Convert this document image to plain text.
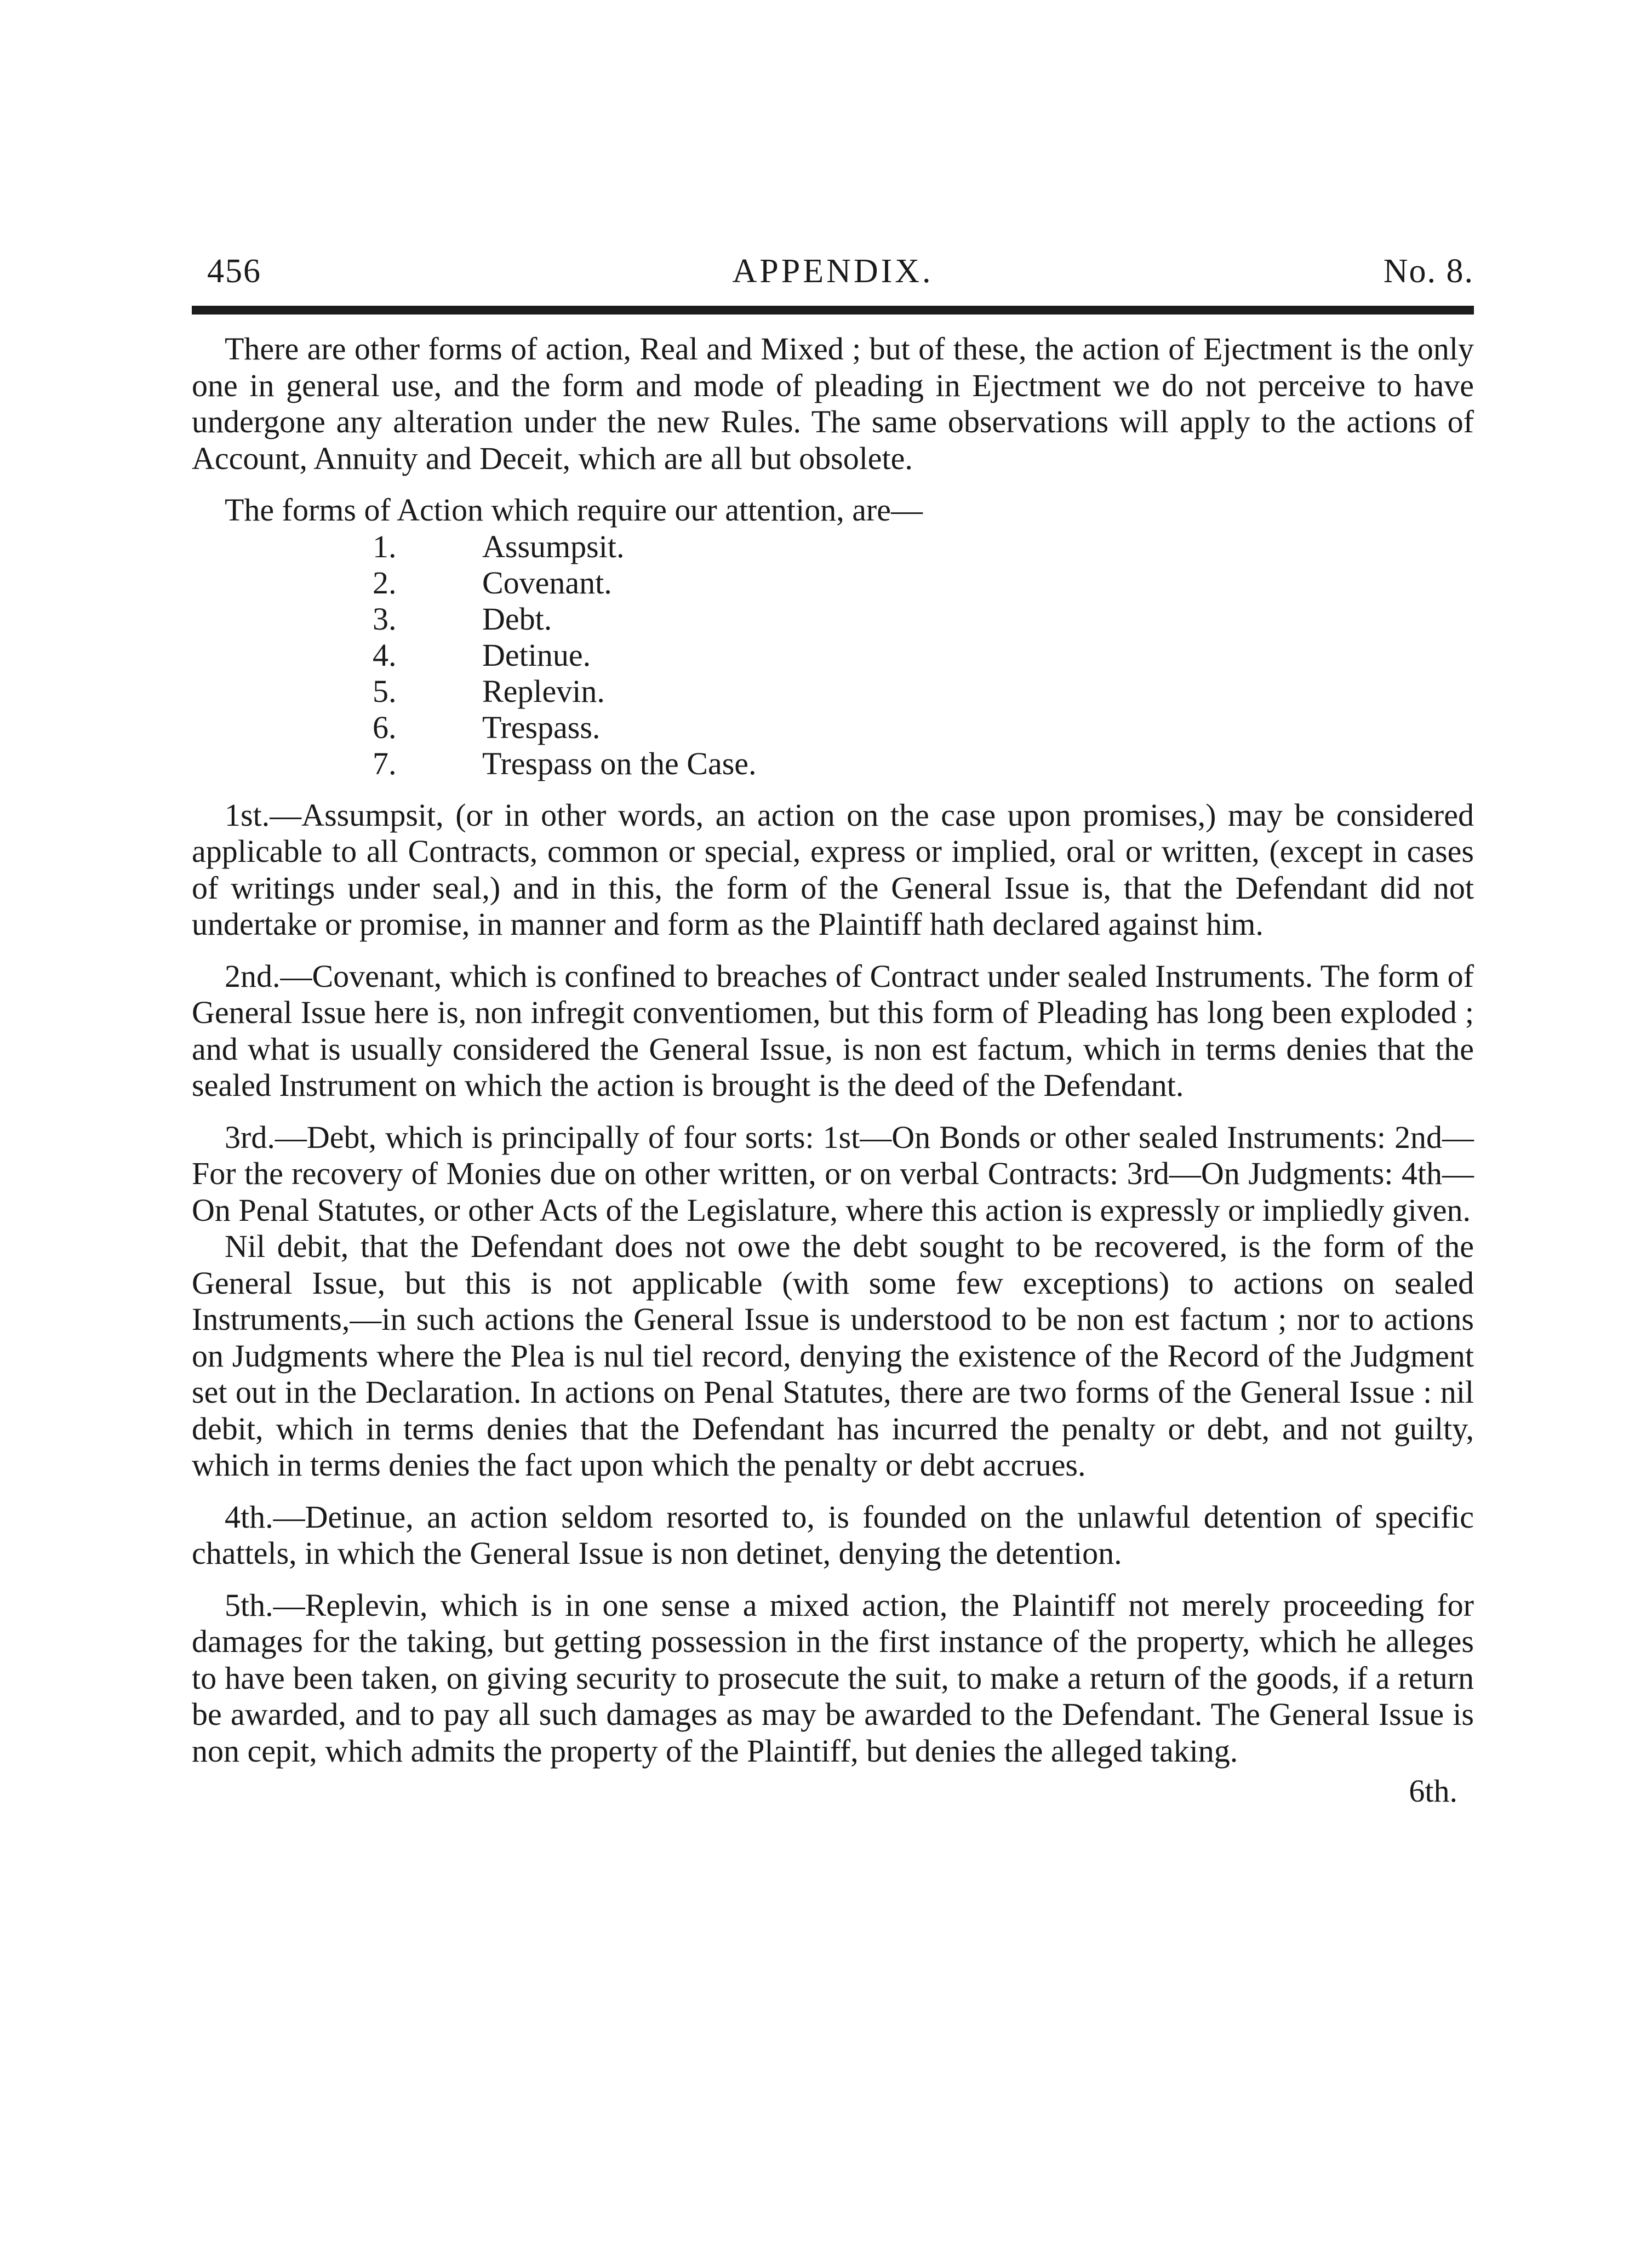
456	APPENDIX.	No. 8.

There are other forms of action, Real and Mixed ; but of these, the action of Ejectment is the only one in general use, and the form and mode of pleading in Ejectment we do not perceive to have undergone any alteration under the new Rules. The same observations will apply to the actions of Account, Annuity and Deceit, which are all but obsolete.

The forms of Action which require our attention, are—

1.	Assumpsit.
2.	Covenant.
3.	Debt.
4.	Detinue.
5.	Replevin.
6.	Trespass.
7.	Trespass on the Case.

1st.—Assumpsit, (or in other words, an action on the case upon promises,) may be considered applicable to all Contracts, common or special, express or implied, oral or written, (except in cases of writings under seal,) and in this, the form of the General Issue is, that the Defendant did not undertake or promise, in manner and form as the Plaintiff hath declared against him.

2nd.—Covenant, which is confined to breaches of Contract under sealed Instruments. The form of General Issue here is, non infregit conventiomen, but this form of Pleading has long been exploded ; and what is usually considered the General Issue, is non est factum, which in terms denies that the sealed Instrument on which the action is brought is the deed of the Defendant.

3rd.—Debt, which is principally of four sorts: 1st—On Bonds or other sealed Instruments: 2nd—For the recovery of Monies due on other written, or on verbal Contracts: 3rd—On Judgments: 4th—On Penal Statutes, or other Acts of the Legislature, where this action is expressly or impliedly given.

Nil debit, that the Defendant does not owe the debt sought to be recovered, is the form of the General Issue, but this is not applicable (with some few exceptions) to actions on sealed Instruments,—in such actions the General Issue is understood to be non est factum ; nor to actions on Judgments where the Plea is nul tiel record, denying the existence of the Record of the Judgment set out in the Declaration. In actions on Penal Statutes, there are two forms of the General Issue : nil debit, which in terms denies that the Defendant has incurred the penalty or debt, and not guilty, which in terms denies the fact upon which the penalty or debt accrues.

4th.—Detinue, an action seldom resorted to, is founded on the unlawful detention of specific chattels, in which the General Issue is non detinet, denying the detention.

5th.—Replevin, which is in one sense a mixed action, the Plaintiff not merely proceeding for damages for the taking, but getting possession in the first instance of the property, which he alleges to have been taken, on giving security to prosecute the suit, to make a return of the goods, if a return be awarded, and to pay all such damages as may be awarded to the Defendant. The General Issue is non cepit, which admits the property of the Plaintiff, but denies the alleged taking.

6th.
